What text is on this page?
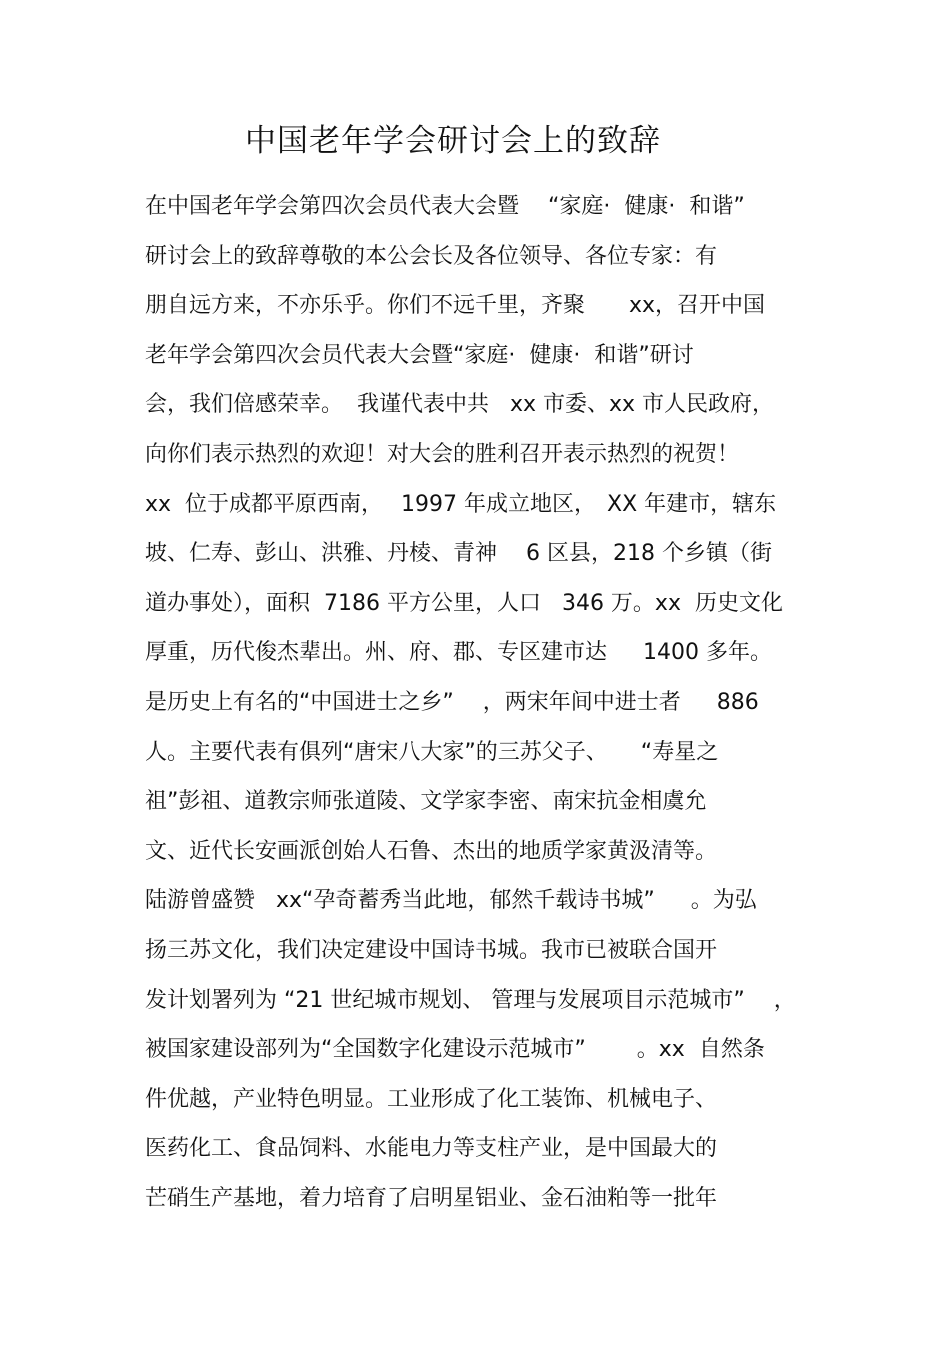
中国老年学会研讨会上的致辞
在中国老年学会第四次会员代表大会暨　 “家庭·  健康·  和谐”
研讨会上的致辞尊敬的本公会长及各位领导、各位专家：有
朋自远方来，不亦乐乎。你们不远千里，齐聚　　xx，召开中国
老年学会第四次会员代表大会暨“家庭·  健康·  和谐”研讨
会，我们倍感荣幸。  我谨代表中共   xx 市委、xx 市人民政府，
向你们表示热烈的欢迎！对大会的胜利召开表示热烈的祝贺！
xx  位于成都平原西南，　 1997 年成立地区，　XX 年建市，辖东
坡、仁寿、彭山、洪雅、丹棱、青神　 6 区县，218 个乡镇（街
道办事处），面积  7186 平方公里，人口   346 万。xx  历史文化
厚重，历代俊杰辈出。州、府、郡、专区建市达　  1400 多年。
是历史上有名的“中国进士之乡”　 ，两宋年间中进士者　  886
人。主要代表有俱列“唐宋八大家”的三苏父子、　　“寿星之
祖”彭祖、道教宗师张道陵、文学家李密、南宋抗金相虞允
文、近代长安画派创始人石鲁、杰出的地质学家黄汲清等。
陆游曾盛赞   xx“孕奇蓄秀当此地，郁然千载诗书城”　  。为弘
扬三苏文化，我们决定建设中国诗书城。我市已被联合国开
发计划署列为 “21 世纪城市规划、 管理与发展项目示范城市”　 ，
被国家建设部列为“全国数字化建设示范城市”　　 。xx  自然条
件优越，产业特色明显。工业形成了化工装饰、机械电子、
医药化工、食品饲料、水能电力等支柱产业，是中国最大的
芒硝生产基地，着力培育了启明星铝业、金石油粕等一批年
